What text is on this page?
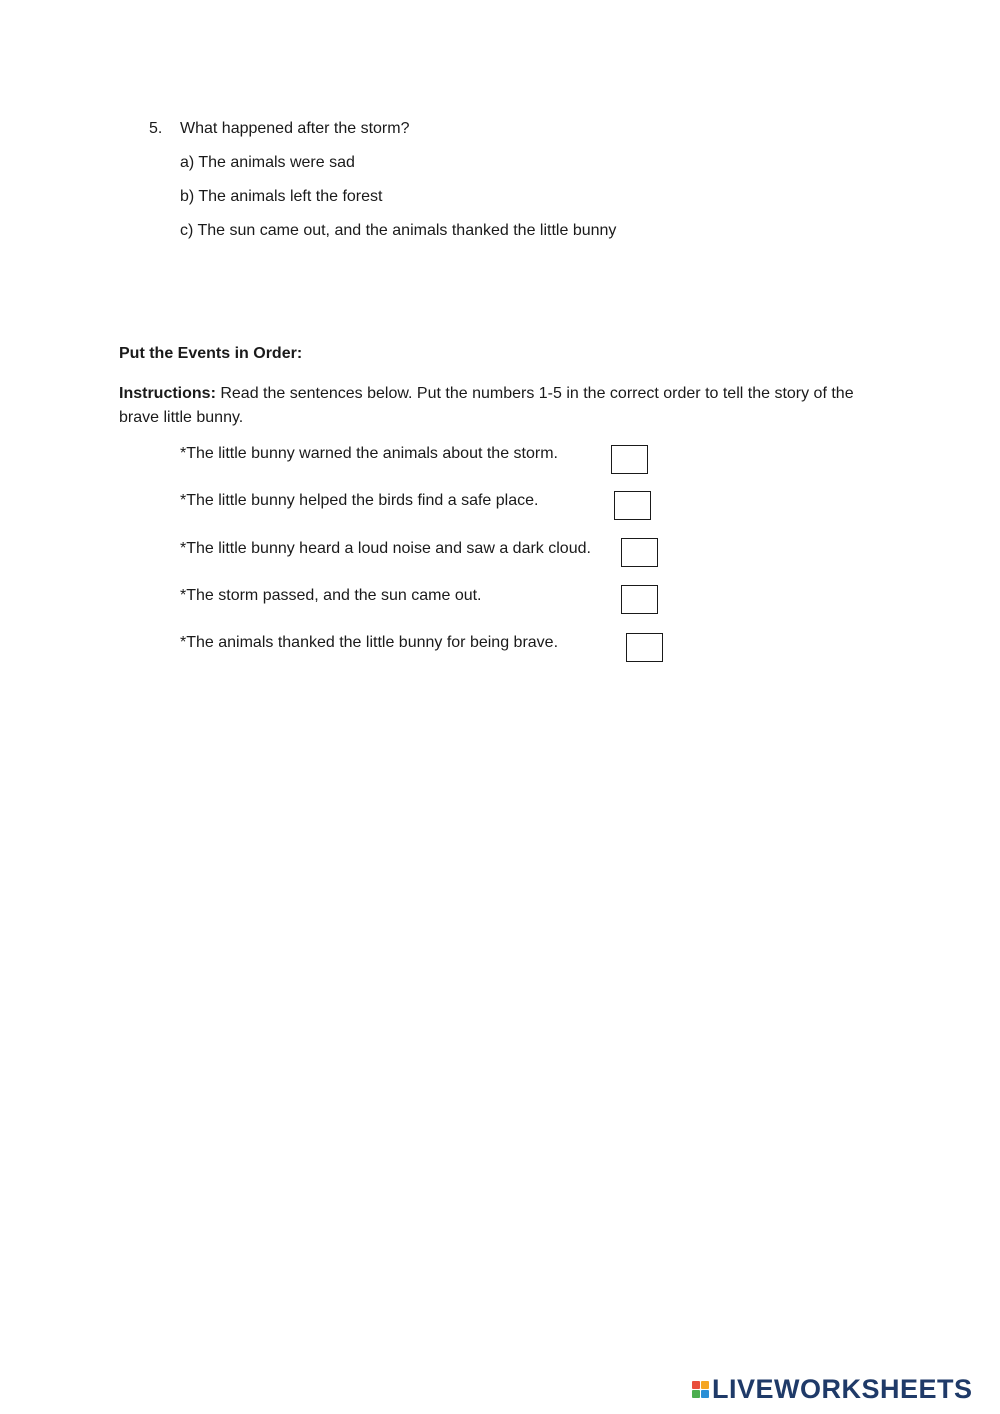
5. What happened after the storm?
a) The animals were sad
b) The animals left the forest
c) The sun came out, and the animals thanked the little bunny
Put the Events in Order:
Instructions: Read the sentences below. Put the numbers 1-5 in the correct order to tell the story of the brave little bunny.
*The little bunny warned the animals about the storm.
*The little bunny helped the birds find a safe place.
*The little bunny heard a loud noise and saw a dark cloud.
*The storm passed, and the sun came out.
*The animals thanked the little bunny for being brave.
LIVEWORKSHEETS
